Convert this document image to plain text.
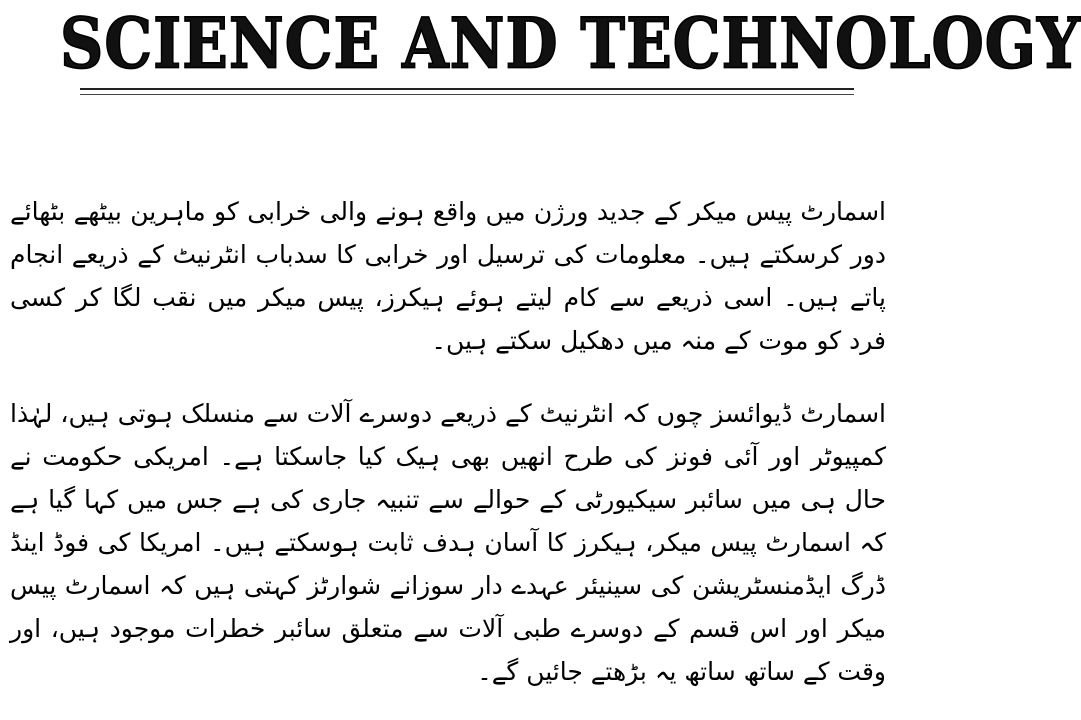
SCIENCE AND TECHNOLOGY

اسمارٹ پیس میکر کے جدید ورژن میں واقع ہونے والی خرابی کو ماہرین بیٹھے بٹھائے دور کرسکتے ہیں۔ معلومات کی ترسیل اور خرابی کا سدباب انٹرنیٹ کے ذریعے انجام پاتے ہیں۔ اسی ذریعے سے کام لیتے ہوئے ہیکرز، پیس میکر میں نقب لگا کر کسی فرد کو موت کے منہ میں دھکیل سکتے ہیں۔

اسمارٹ ڈیوائسز چوں کہ انٹرنیٹ کے ذریعے دوسرے آلات سے منسلک ہوتی ہیں، لہٰذا کمپیوٹر اور آئی فونز کی طرح انھیں بھی ہیک کیا جاسکتا ہے۔ امریکی حکومت نے حال ہی میں سائبر سیکیورٹی کے حوالے سے تنبیہ جاری کی ہے جس میں کہا گیا ہے کہ اسمارٹ پیس میکر، ہیکرز کا آسان ہدف ثابت ہوسکتے ہیں۔ امریکا کی فوڈ اینڈ ڈرگ ایڈمنسٹریشن کی سینیئر عہدے دار سوزانے شوارٹز کہتی ہیں کہ اسمارٹ پیس میکر اور اس قسم کے دوسرے طبی آلات سے متعلق سائبر خطرات موجود ہیں، اور وقت کے ساتھ ساتھ یہ بڑھتے جائیں گے۔
